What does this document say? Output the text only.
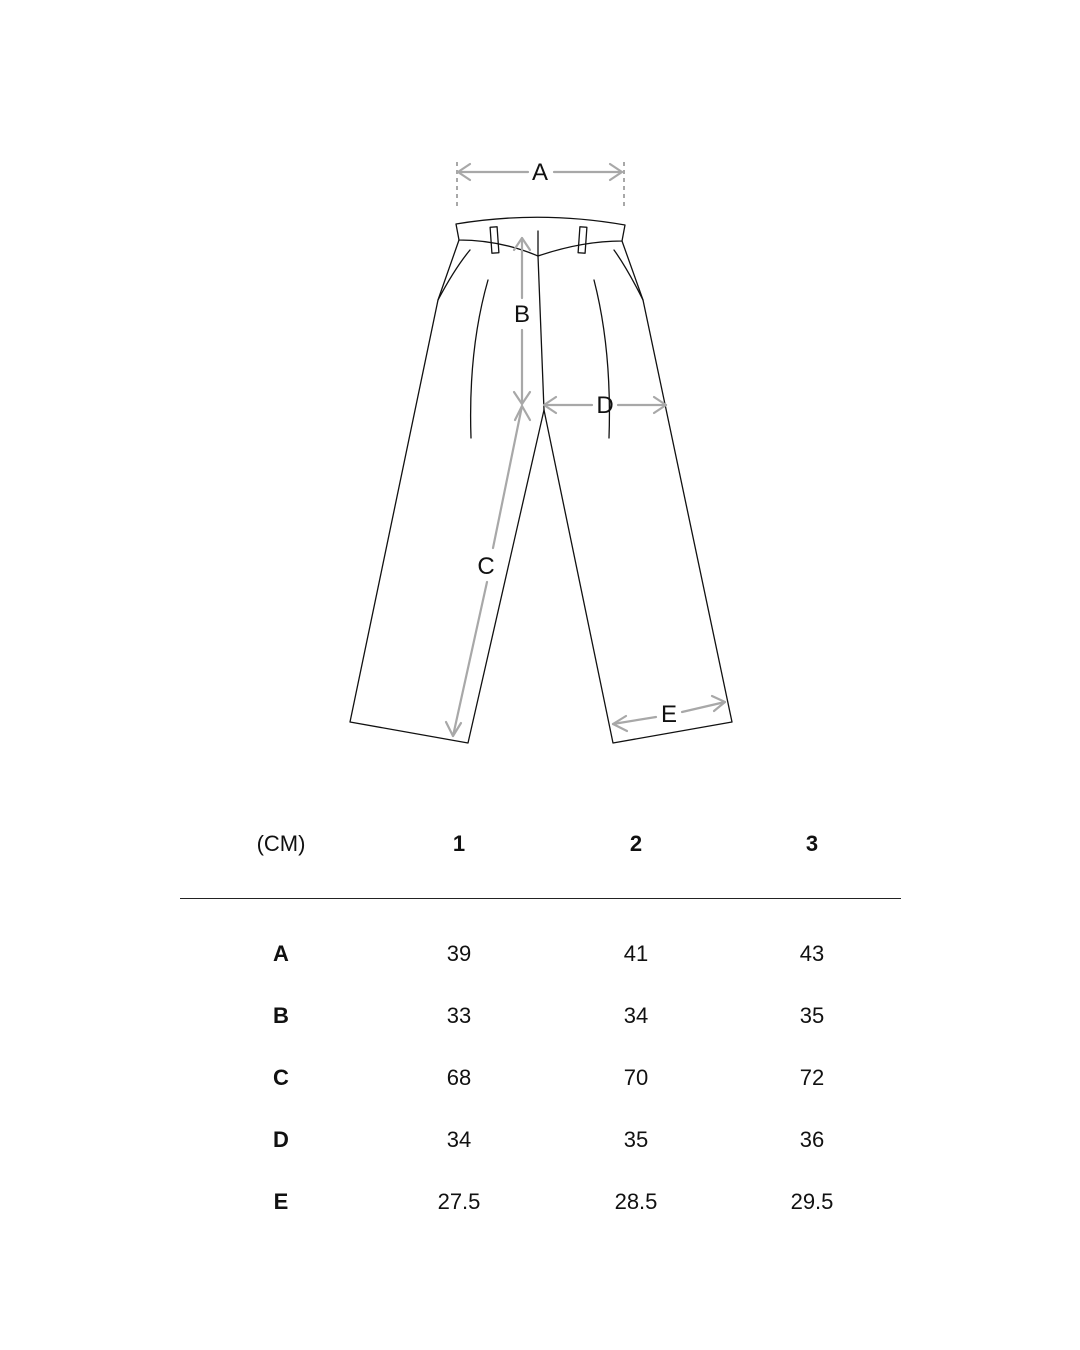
A
B
C
D
E
(CM)	1	2	3
A	39	41	43
B	33	34	35
C	68	70	72
D	34	35	36
E	27.5	28.5	29.5
